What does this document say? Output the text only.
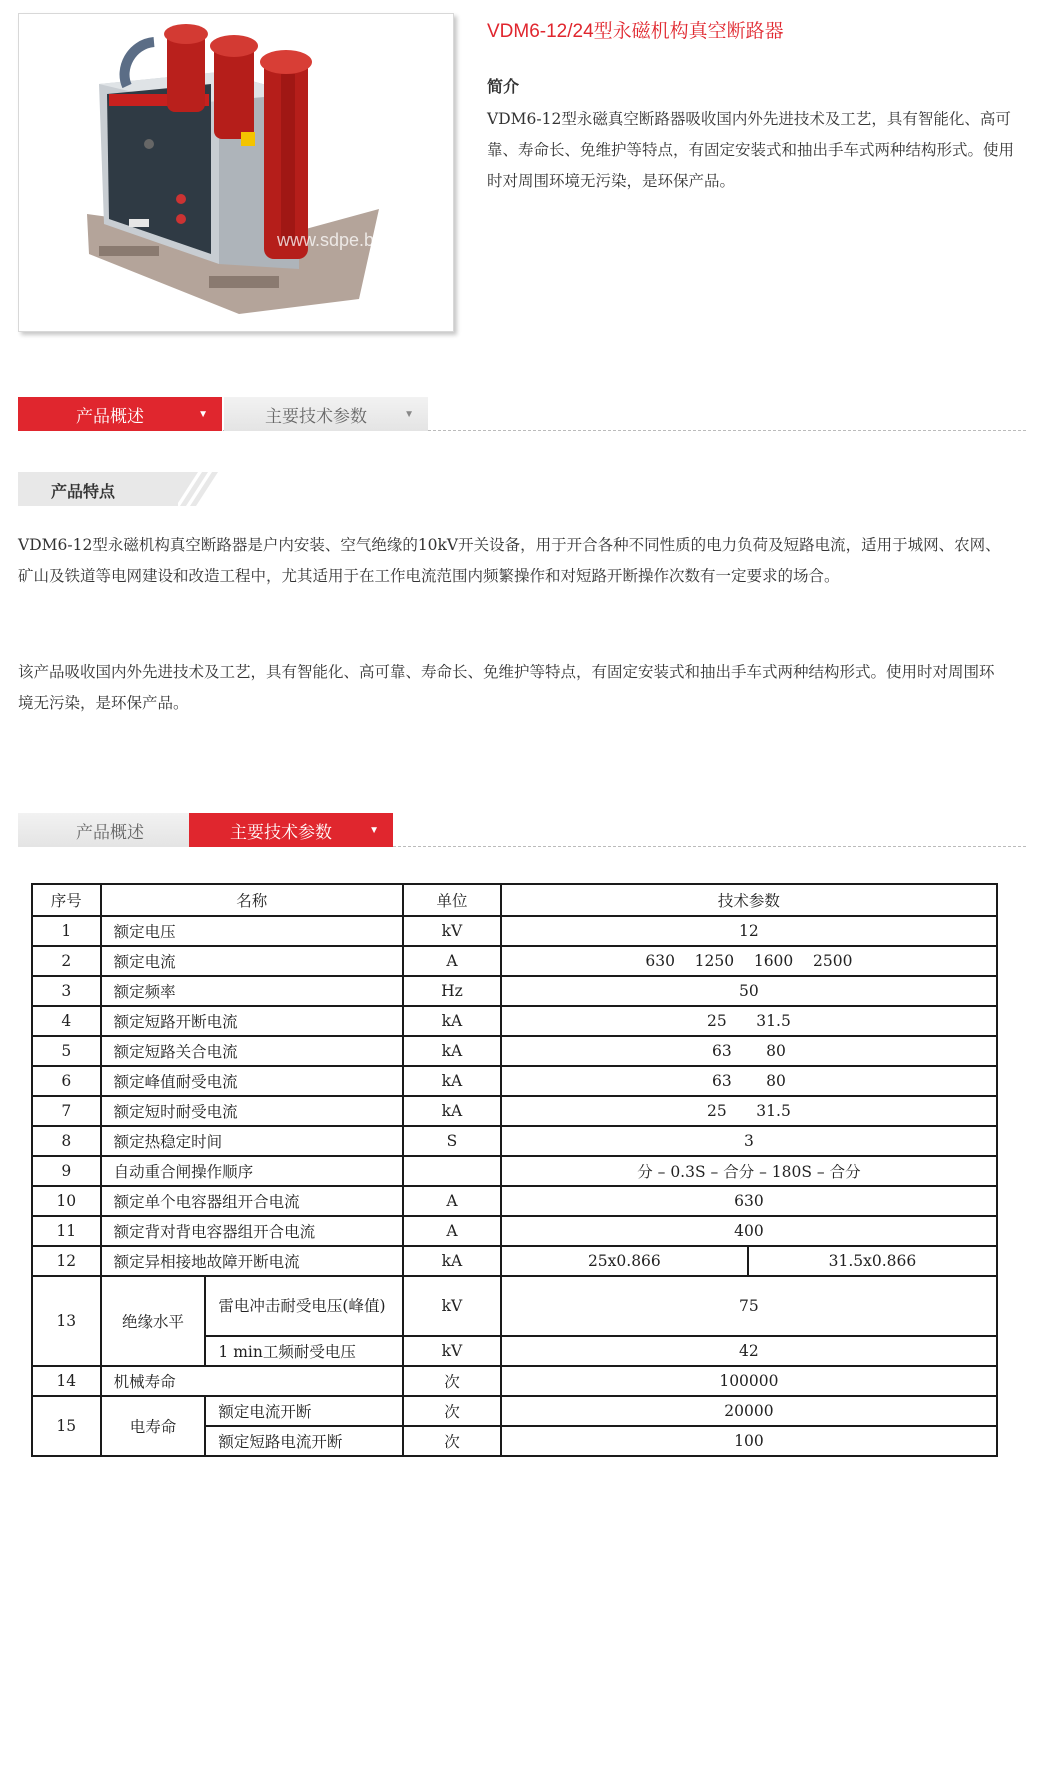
www.sdpe.biz
VDM6-12/24型永磁机构真空断路器
简介
VDM6-12型永磁真空断路器吸收国内外先进技术及工艺，具有智能化、高可靠、寿命长、免维护等特点，有固定安装式和抽出手车式两种结构形式。使用时对周围环境无污染，是环保产品。
产品概述	▼	主要技术参数	▼
产品特点
VDM6-12型永磁机构真空断路器是户内安装、空气绝缘的10kV开关设备，用于开合各种不同性质的电力负荷及短路电流，适用于城网、农网、矿山及铁道等电网建设和改造工程中，尤其适用于在工作电流范围内频繁操作和对短路开断操作次数有一定要求的场合。
该产品吸收国内外先进技术及工艺，具有智能化、高可靠、寿命长、免维护等特点，有固定安装式和抽出手车式两种结构形式。使用时对周围环境无污染，是环保产品。
产品概述	主要技术参数	▼
序号	名称		单位	技术参数	
1	额定电压		kV	12	
2	额定电流		A	630    1250    1600    2500	
3	额定频率		Hz	50	
4	额定短路开断电流		kA	25      31.5	
5	额定短路关合电流		kA	63       80	
6	额定峰值耐受电流		kA	63       80	
7	额定短时耐受电流		kA	25      31.5	
8	额定热稳定时间		S	3	
9	自动重合闸操作顺序			分 – 0.3S – 合分 – 180S – 合分	
10	额定单个电容器组开合电流		A	630	
11	额定背对背电容器组开合电流		A	400	
12	额定异相接地故障开断电流		kA	25x0.866	31.5x0.866
13	绝缘水平	雷电冲击耐受电压(峰值)	kV	75	
		1 min工频耐受电压	kV	42	
14	机械寿命		次	100000	
15	电寿命	额定电流开断	次	20000	
		额定短路电流开断	次	100	
